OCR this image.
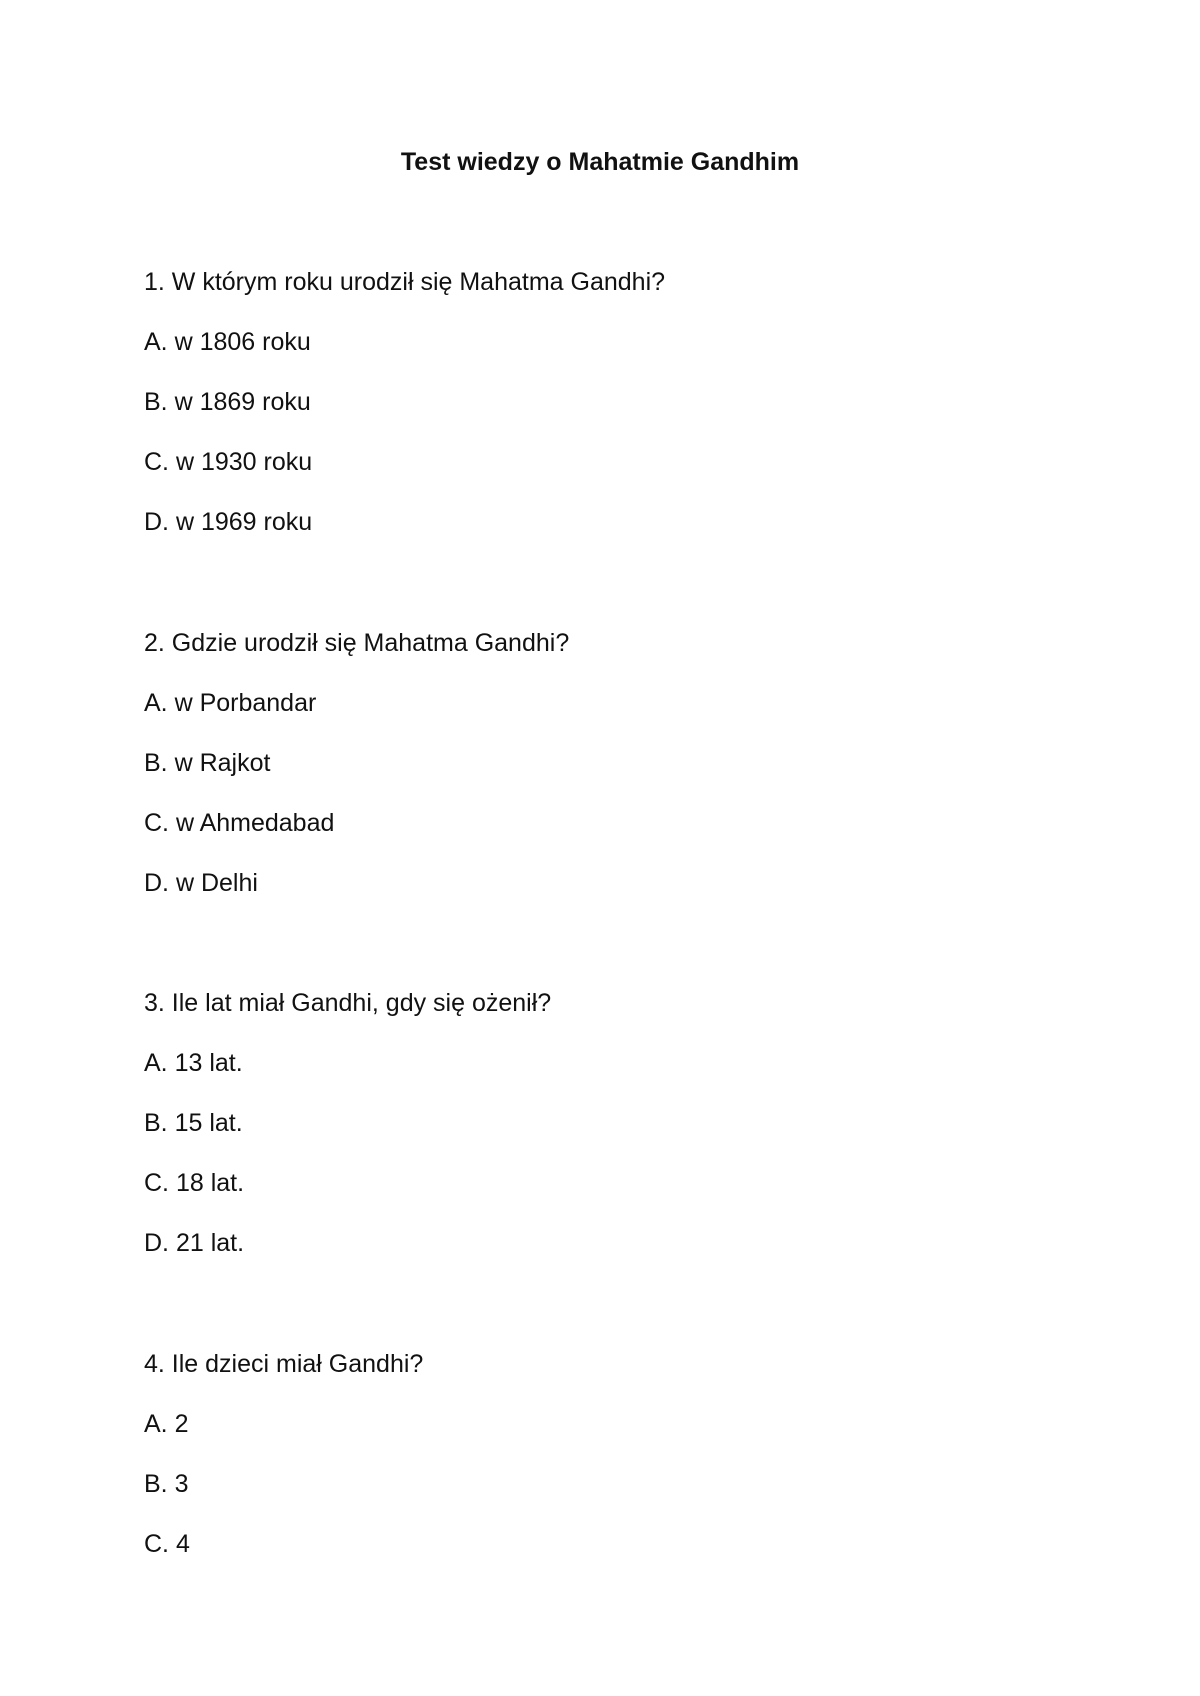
Test wiedzy o Mahatmie Gandhim

1. W którym roku urodził się Mahatma Gandhi?

A. w 1806 roku

B. w 1869 roku

C. w 1930 roku

D. w 1969 roku

2. Gdzie urodził się Mahatma Gandhi?

A. w Porbandar

B. w Rajkot

C. w Ahmedabad

D. w Delhi

3. Ile lat miał Gandhi, gdy się ożenił?

A. 13 lat.

B. 15 lat.

C. 18 lat.

D. 21 lat.

4. Ile dzieci miał Gandhi?

A. 2

B. 3

C. 4
